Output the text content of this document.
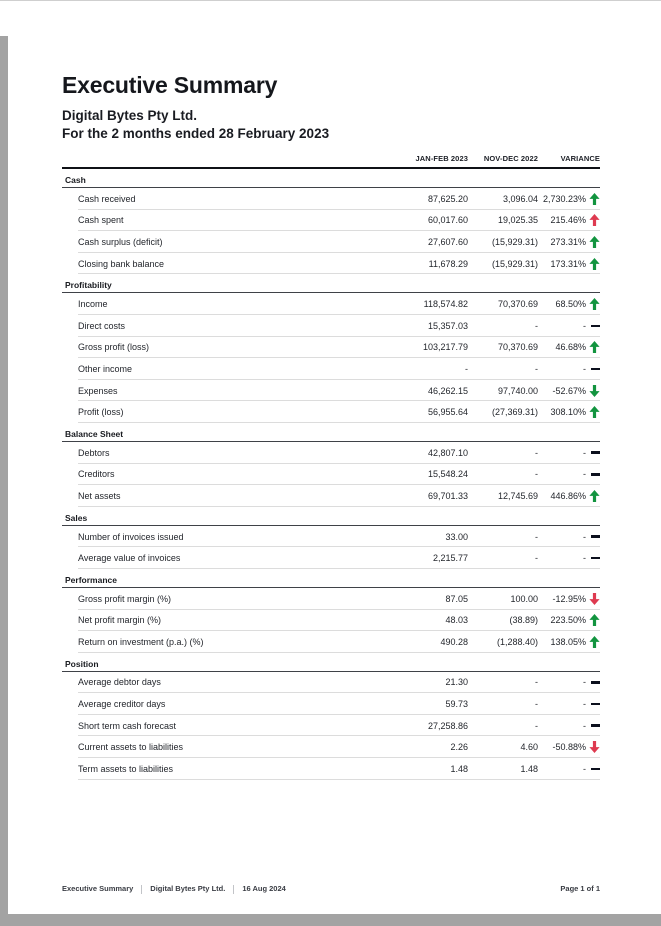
Executive Summary
Digital Bytes Pty Ltd.
For the 2 months ended 28 February 2023
JAN-FEB 2023	NOV-DEC 2022	VARIANCE
Cash
Cash received	87,625.20	3,096.04 2,730.23%
Cash spent	60,017.60	19,025.35	215.46%
Cash surplus (deficit)	27,607.60	(15,929.31)	273.31%
Closing bank balance	11,678.29	(15,929.31)	173.31%
Profitability
Income	118,574.82	70,370.69	68.50%
Direct costs	15,357.03	-	-
Gross profit (loss)	103,217.79	70,370.69	46.68%
Other income	-	-	-
Expenses	46,262.15	97,740.00	-52.67%
Profit (loss)	56,955.64	(27,369.31)	308.10%
Balance Sheet
Debtors	42,807.10	-	-
Creditors	15,548.24	-	-
Net assets	69,701.33	12,745.69	446.86%
Sales
Number of invoices issued	33.00	-	-
Average value of invoices	2,215.77	-	-
Performance
Gross profit margin (%)	87.05	100.00	-12.95%
Net profit margin (%)	48.03	(38.89)	223.50%
Return on investment (p.a.) (%)	490.28	(1,288.40)	138.05%
Position
Average debtor days	21.30	-	-
Average creditor days	59.73	-	-
Short term cash forecast	27,258.86	-	-
Current assets to liabilities	2.26	4.60	-50.88%
Term assets to liabilities	1.48	1.48	-
Executive Summary Digital Bytes Pty Ltd. 16 Aug 2024	Page 1 of 1
